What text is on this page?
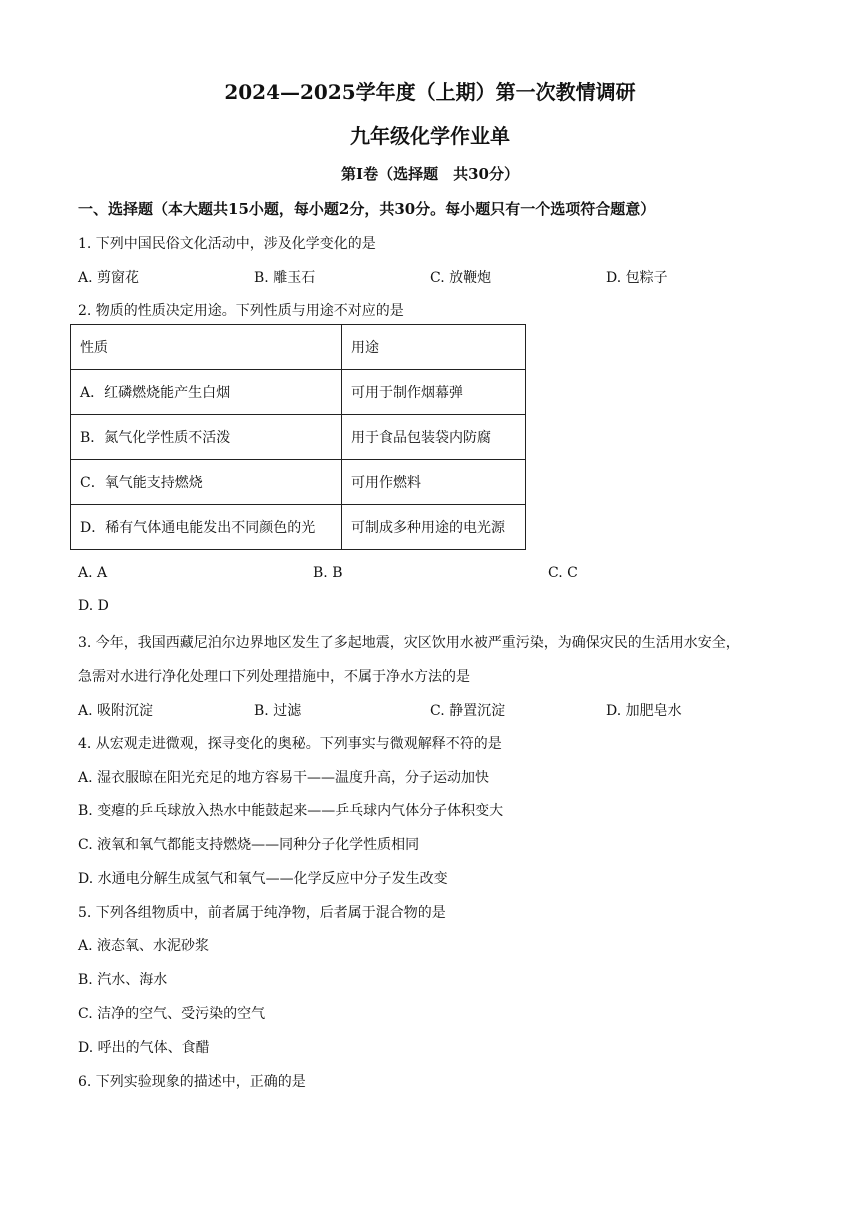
2024—2025学年度（上期）第一次教情调研
九年级化学作业单
第Ⅰ卷（选择题　共30分）
一、选择题（本大题共15小题，每小题2分，共30分。每小题只有一个选项符合题意）
1. 下列中国民俗文化活动中，涉及化学变化的是
A. 剪窗花	B. 雕玉石	C. 放鞭炮	D. 包粽子
2. 物质的性质决定用途。下列性质与用途不对应的是
性质	用途
A．红磷燃烧能产生白烟	可用于制作烟幕弹
B．氮气化学性质不活泼	用于食品包装袋内防腐
C．氧气能支持燃烧	可用作燃料
D．稀有气体通电能发出不同颜色的光	可制成多种用途的电光源
A. A	B. B	C. C
D. D
3. 今年，我国西藏尼泊尔边界地区发生了多起地震，灾区饮用水被严重污染，为确保灾民的生活用水安全，
急需对水进行净化处理口下列处理措施中，不属于净水方法的是
A. 吸附沉淀	B. 过滤	C. 静置沉淀	D. 加肥皂水
4. 从宏观走进微观，探寻变化的奥秘。下列事实与微观解释不符的是
A. 湿衣服晾在阳光充足的地方容易干——温度升高，分子运动加快
B. 变瘪的乒乓球放入热水中能鼓起来——乒乓球内气体分子体积变大
C. 液氧和氧气都能支持燃烧——同种分子化学性质相同
D. 水通电分解生成氢气和氧气——化学反应中分子发生改变
5. 下列各组物质中，前者属于纯净物，后者属于混合物的是
A. 液态氧、水泥砂浆
B. 汽水、海水
C. 洁净的空气、受污染的空气
D. 呼出的气体、食醋
6. 下列实验现象的描述中，正确的是
